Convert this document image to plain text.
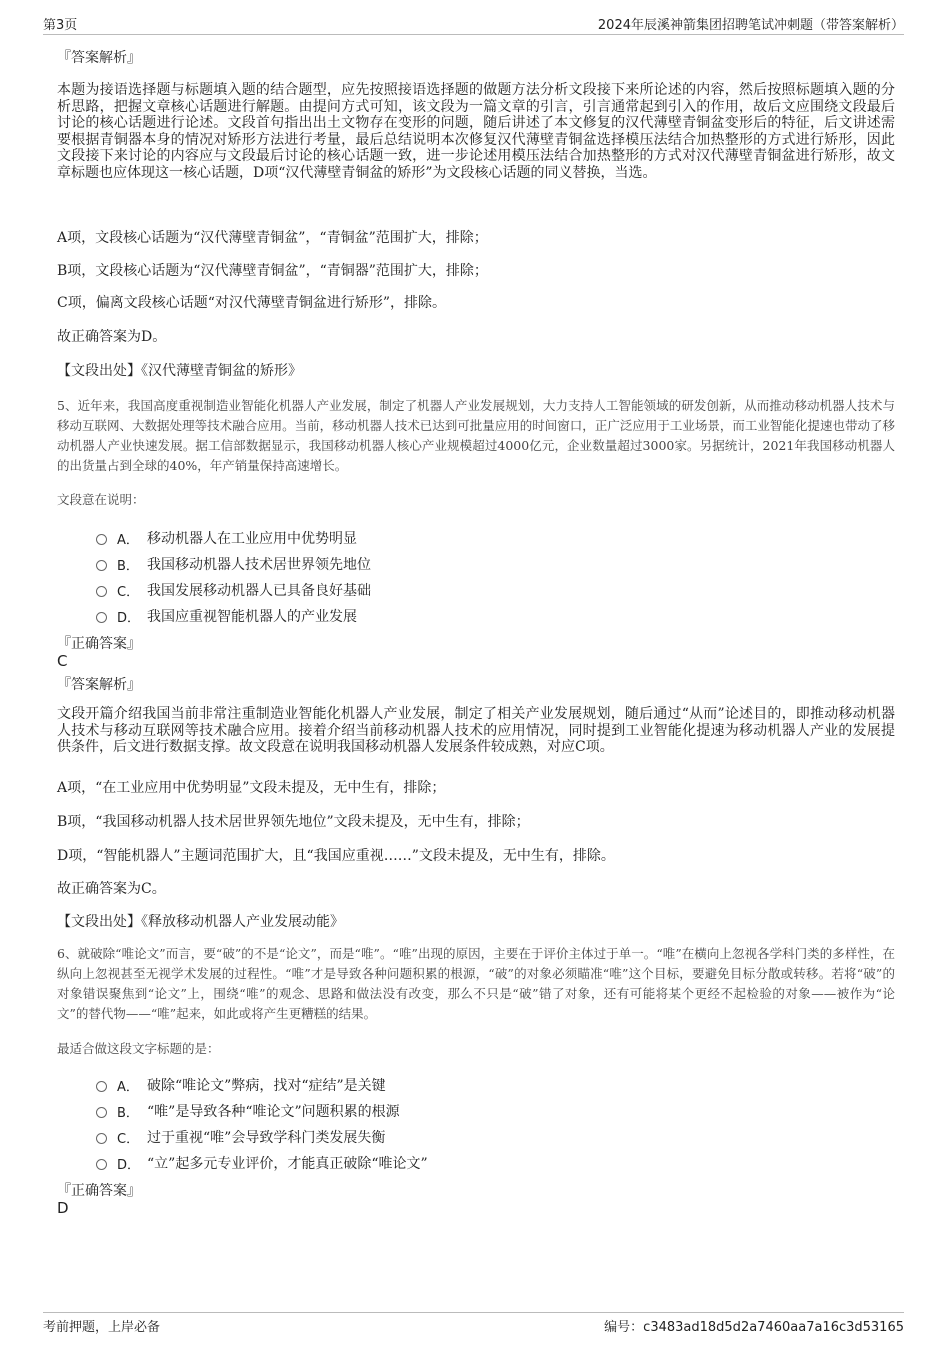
第3页	2024年辰溪神箭集团招聘笔试冲刺题（带答案解析）
『答案解析』
本题为接语选择题与标题填入题的结合题型，应先按照接语选择题的做题方法分析文段接下来所论述的内容，然后按照标题填入题的分析思路，把握文章核心话题进行解题。由提问方式可知，该文段为一篇文章的引言，引言通常起到引入的作用，故后文应围绕文段最后讨论的核心话题进行论述。文段首句指出出土文物存在变形的问题，随后讲述了本文修复的汉代薄壁青铜盆变形后的特征，后文讲述需要根据青铜器本身的情况对矫形方法进行考量，最后总结说明本次修复汉代薄壁青铜盆选择模压法结合加热整形的方式进行矫形，因此文段接下来讨论的内容应与文段最后讨论的核心话题一致，进一步论述用模压法结合加热整形的方式对汉代薄壁青铜盆进行矫形，故文章标题也应体现这一核心话题，D项“汉代薄壁青铜盆的矫形”为文段核心话题的同义替换，当选。
A项，文段核心话题为“汉代薄壁青铜盆”，“青铜盆”范围扩大，排除；
B项，文段核心话题为“汉代薄壁青铜盆”，“青铜器”范围扩大，排除；
C项，偏离文段核心话题“对汉代薄壁青铜盆进行矫形”，排除。
故正确答案为D。
【文段出处】《汉代薄壁青铜盆的矫形》
5、近年来，我国高度重视制造业智能化机器人产业发展，制定了机器人产业发展规划，大力支持人工智能领域的研发创新，从而推动移动机器人技术与移动互联网、大数据处理等技术融合应用。当前，移动机器人技术已达到可批量应用的时间窗口，正广泛应用于工业场景，而工业智能化提速也带动了移动机器人产业快速发展。据工信部数据显示，我国移动机器人核心产业规模超过4000亿元，企业数量超过3000家。另据统计，2021年我国移动机器人的出货量占到全球的40%，年产销量保持高速增长。
文段意在说明：
A． 移动机器人在工业应用中优势明显
B． 我国移动机器人技术居世界领先地位
C． 我国发展移动机器人已具备良好基础
D． 我国应重视智能机器人的产业发展
『正确答案』
C
『答案解析』
文段开篇介绍我国当前非常注重制造业智能化机器人产业发展，制定了相关产业发展规划，随后通过“从而”论述目的，即推动移动机器人技术与移动互联网等技术融合应用。接着介绍当前移动机器人技术的应用情况，同时提到工业智能化提速为移动机器人产业的发展提供条件，后文进行数据支撑。故文段意在说明我国移动机器人发展条件较成熟，对应C项。
A项，“在工业应用中优势明显”文段未提及，无中生有，排除；
B项，“我国移动机器人技术居世界领先地位”文段未提及，无中生有，排除；
D项，“智能机器人”主题词范围扩大，且“我国应重视……”文段未提及，无中生有，排除。
故正确答案为C。
【文段出处】《释放移动机器人产业发展动能》
6、就破除“唯论文”而言，要“破”的不是“论文”，而是“唯”。“唯”出现的原因，主要在于评价主体过于单一。“唯”在横向上忽视各学科门类的多样性，在纵向上忽视甚至无视学术发展的过程性。“唯”才是导致各种问题积累的根源，“破”的对象必须瞄准“唯”这个目标，要避免目标分散或转移。若将“破”的对象错误聚焦到“论文”上，围绕“唯”的观念、思路和做法没有改变，那么不只是“破”错了对象，还有可能将某个更经不起检验的对象——被作为“论文”的替代物——“唯”起来，如此或将产生更糟糕的结果。
最适合做这段文字标题的是：
A． 破除“唯论文”弊病，找对“症结”是关键
B． “唯”是导致各种“唯论文”问题积累的根源
C． 过于重视“唯”会导致学科门类发展失衡
D． “立”起多元专业评价，才能真正破除“唯论文”
『正确答案』
D
考前押题，上岸必备	编号：c3483ad18d5d2a7460aa7a16c3d53165
